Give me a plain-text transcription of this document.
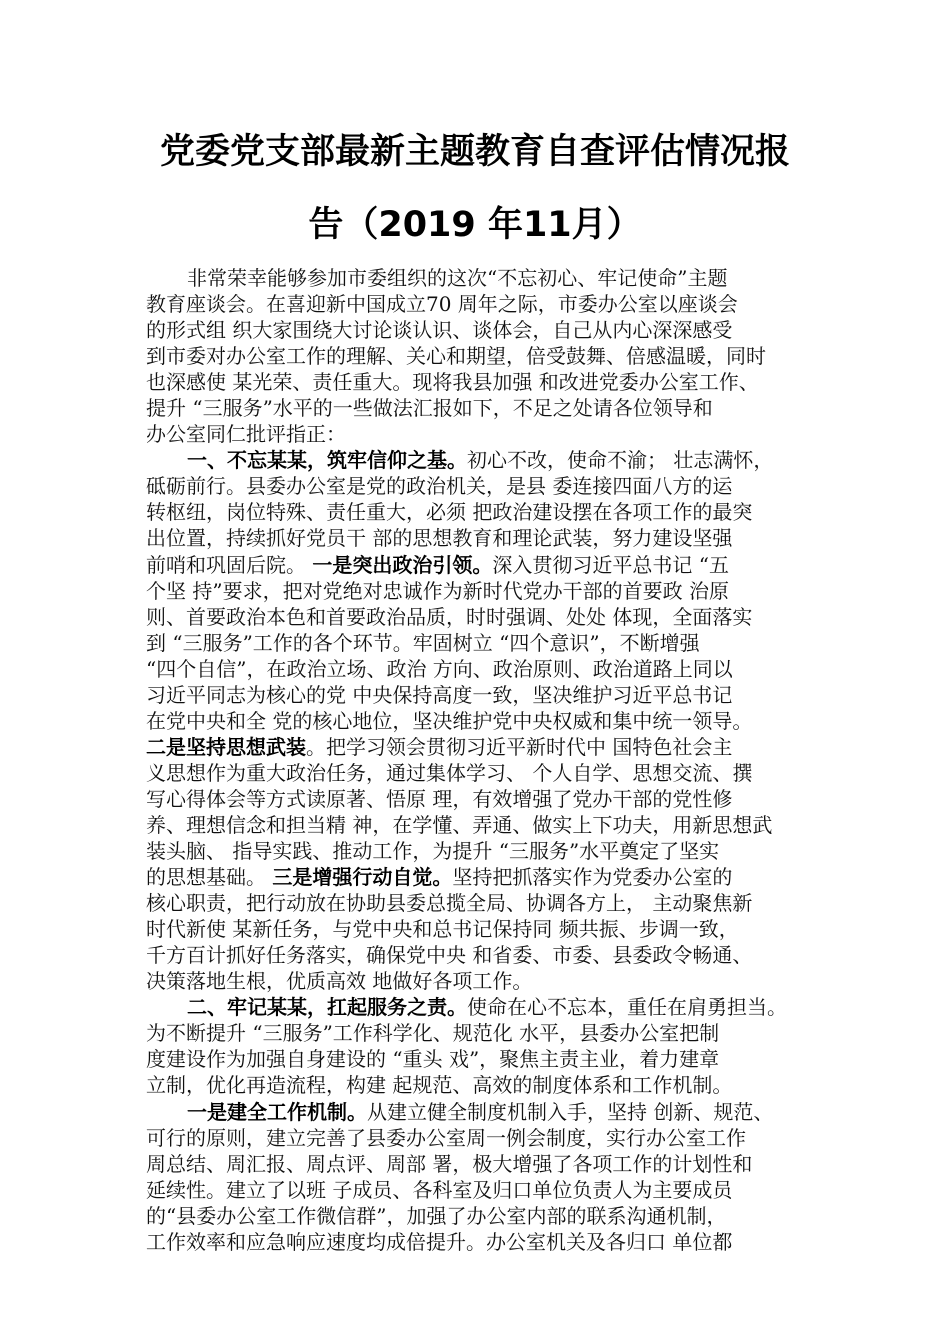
党委党支部最新主题教育自查评估情况报
告（2019 年11月）
非常荣幸能够参加市委组织的这次“不忘初心、牢记使命”主题
教育座谈会。在喜迎新中国成立70 周年之际，市委办公室以座谈会
的形式组 织大家围绕大讨论谈认识、谈体会，自己从内心深深感受
到市委对办公室工作的理解、关心和期望，倍受鼓舞、倍感温暖，同时
也深感使 某光荣、责任重大。现将我县加强 和改进党委办公室工作、
提升 “三服务”水平的一些做法汇报如下，不足之处请各位领导和
办公室同仁批评指正：
一、不忘某某，筑牢信仰之基。初心不改，使命不渝； 壮志满怀，
砥砺前行。县委办公室是党的政治机关，是县 委连接四面八方的运
转枢纽，岗位特殊、责任重大，必须 把政治建设摆在各项工作的最突
出位置，持续抓好党员干 部的思想教育和理论武装，努力建设坚强
前哨和巩固后院。 一是突出政治引领。深入贯彻习近平总书记 “五
个坚 持”要求，把对党绝对忠诚作为新时代党办干部的首要政 治原
则、首要政治本色和首要政治品质，时时强调、处处 体现，全面落实
到 “三服务”工作的各个环节。牢固树立 “四个意识”，不断增强
“四个自信”，在政治立场、政治 方向、政治原则、政治道路上同以
习近平同志为核心的党 中央保持高度一致，坚决维护习近平总书记
在党中央和全 党的核心地位，坚决维护党中央权威和集中统一领导。
二是坚持思想武装。把学习领会贯彻习近平新时代中 国特色社会主
义思想作为重大政治任务，通过集体学习、 个人自学、思想交流、撰
写心得体会等方式读原著、悟原 理，有效增强了党办干部的党性修
养、理想信念和担当精 神，在学懂、弄通、做实上下功夫，用新思想武
装头脑、 指导实践、推动工作，为提升 “三服务”水平奠定了坚实
的思想基础。 三是增强行动自觉。坚持把抓落实作为党委办公室的
核心职责，把行动放在协助县委总揽全局、协调各方上， 主动聚焦新
时代新使 某新任务，与党中央和总书记保持同 频共振、步调一致，
千方百计抓好任务落实，确保党中央 和省委、市委、县委政令畅通、
决策落地生根，优质高效 地做好各项工作。
二、牢记某某，扛起服务之责。使命在心不忘本，重任在肩勇担当。
为不断提升 “三服务”工作科学化、规范化 水平，县委办公室把制
度建设作为加强自身建设的 “重头 戏”，聚焦主责主业，着力建章
立制，优化再造流程，构建 起规范、高效的制度体系和工作机制。
一是建全工作机制。从建立健全制度机制入手，坚持 创新、规范、
可行的原则，建立完善了县委办公室周一例会制度，实行办公室工作
周总结、周汇报、周点评、周部 署，极大增强了各项工作的计划性和
延续性。建立了以班 子成员、各科室及归口单位负责人为主要成员
的“县委办公室工作微信群”，加强了办公室内部的联系沟通机制，
工作效率和应急响应速度均成倍提升。办公室机关及各归口 单位都
